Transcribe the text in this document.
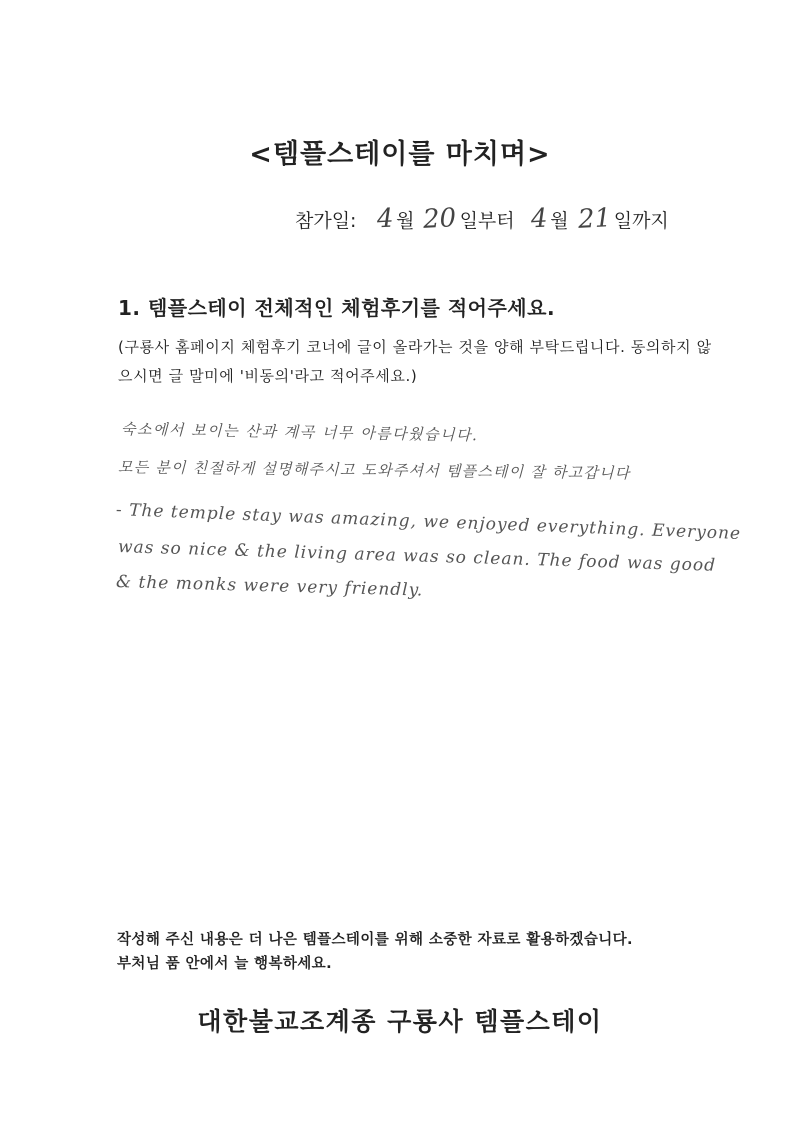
<템플스테이를 마치며>
참가일: 4 월 20 일부터 4 월 21 일까지
1. 템플스테이 전체적인 체험후기를 적어주세요.
(구룡사 홈페이지 체험후기 코너에 글이 올라가는 것을 양해 부탁드립니다. 동의하지 않으시면 글 말미에 '비동의'라고 적어주세요.)
숙소에서 보이는 산과 계곡 너무 아름다웠습니다.
모든 분이 친절하게 설명해주시고 도와주셔서 템플스테이 잘 하고갑니다
- The temple stay was amazing, we enjoyed everything. Everyone
was so nice & the living area was so clean. The food was good
& the monks were very friendly.
작성해 주신 내용은 더 나은 템플스테이를 위해 소중한 자료로 활용하겠습니다.
부처님 품 안에서 늘 행복하세요.
대한불교조계종 구룡사 템플스테이
